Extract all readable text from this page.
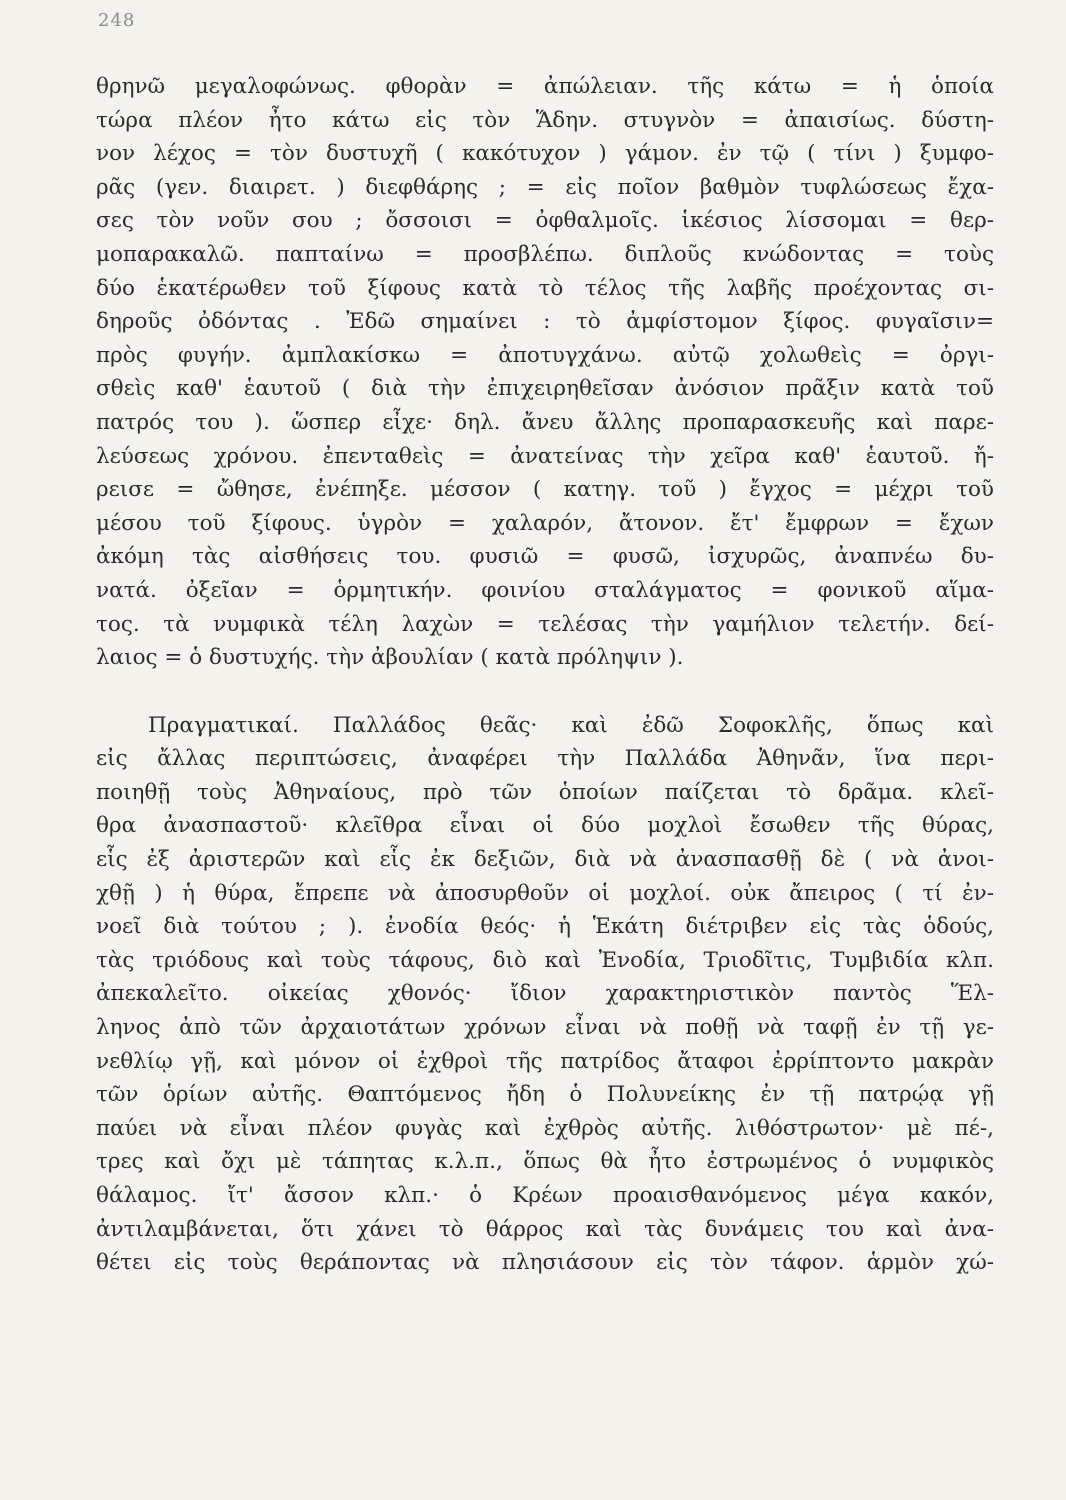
248
θρηνῶ μεγαλοφώνως. φθορὰν = ἀπώλειαν. τῆς κάτω = ἡ ὁποία
τώρα πλέον ἦτο κάτω εἰς τὸν Ἅδην. στυγνὸν = ἀπαισίως. δύστη-
νον λέχος = τὸν δυστυχῆ ( κακότυχον ) γάμον. ἐν τῷ ( τίνι ) ξυμφο-
ρᾶς (γεν. διαιρετ. ) διεφθάρης ; = εἰς ποῖον βαθμὸν τυφλώσεως ἔχα-
σες τὸν νοῦν σου ; ὄσσοισι = ὀφθαλμοῖς. ἱκέσιος λίσσομαι = θερ-
μοπαρακαλῶ. παπταίνω = προσβλέπω. διπλοῦς κνώδοντας = τοὺς
δύο ἑκατέρωθεν τοῦ ξίφους κατὰ τὸ τέλος τῆς λαβῆς προέχοντας σι-
δηροῦς ὀδόντας . Ἐδῶ σημαίνει : τὸ ἀμφίστομον ξίφος. φυγαῖσιν=
πρὸς φυγήν. ἀμπλακίσκω = ἀποτυγχάνω. αὐτῷ χολωθεὶς = ὀργι-
σθεὶς καθ' ἑαυτοῦ ( διὰ τὴν ἐπιχειρηθεῖσαν ἀνόσιον πρᾶξιν κατὰ τοῦ
πατρός του ). ὥσπερ εἶχε· δηλ. ἄνευ ἄλλης προπαρασκευῆς καὶ παρε-
λεύσεως χρόνου. ἐπενταθεὶς = ἀνατείνας τὴν χεῖρα καθ' ἑαυτοῦ. ἤ-
ρεισε = ὤθησε, ἐνέπηξε. μέσσον ( κατηγ. τοῦ ) ἔγχος = μέχρι τοῦ
μέσου τοῦ ξίφους. ὑγρὸν = χαλαρόν, ἄτονον. ἔτ' ἔμφρων = ἔχων
ἀκόμη τὰς αἰσθήσεις του. φυσιῶ = φυσῶ, ἰσχυρῶς, ἀναπνέω δυ-
νατά. ὀξεῖαν = ὁρμητικήν. φοινίου σταλάγματος = φονικοῦ αἵμα-
τος. τὰ νυμφικὰ τέλη λαχὼν = τελέσας τὴν γαμήλιον τελετήν. δεί-
λαιος = ὁ δυστυχής. τὴν ἀβουλίαν ( κατὰ πρόληψιν ).
Πραγματικαί. Παλλάδος θεᾶς· καὶ ἐδῶ Σοφοκλῆς, ὅπως καὶ
εἰς ἄλλας περιπτώσεις, ἀναφέρει τὴν Παλλάδα Ἀθηνᾶν, ἵνα περι-
ποιηθῇ τοὺς Ἀθηναίους, πρὸ τῶν ὁποίων παίζεται τὸ δρᾶμα. κλεῖ-
θρα ἀνασπαστοῦ· κλεῖθρα εἶναι οἱ δύο μοχλοὶ ἔσωθεν τῆς θύρας,
εἷς ἐξ ἀριστερῶν καὶ εἷς ἐκ δεξιῶν, διὰ νὰ ἀνασπασθῇ δὲ ( νὰ ἀνοι-
χθῇ ) ἡ θύρα, ἔπρεπε νὰ ἀποσυρθοῦν οἱ μοχλοί. οὐκ ἄπειρος ( τί ἐν-
νοεῖ διὰ τούτου ; ). ἐνοδία θεός· ἡ Ἑκάτη διέτριβεν εἰς τὰς ὁδούς,
τὰς τριόδους καὶ τοὺς τάφους, διὸ καὶ Ἐνοδία, Τριοδῖτις, Τυμβιδία κλπ.
ἀπεκαλεῖτο. οἰκείας χθονός· ἴδιον χαρακτηριστικὸν παντὸς Ἕλ-
ληνος ἀπὸ τῶν ἀρχαιοτάτων χρόνων εἶναι νὰ ποθῇ νὰ ταφῇ ἐν τῇ γε-
νεθλίῳ γῇ, καὶ μόνον οἱ ἐχθροὶ τῆς πατρίδος ἄταφοι ἐρρίπτοντο μακρὰν
τῶν ὁρίων αὐτῆς. Θαπτόμενος ἤδη ὁ Πολυνείκης ἐν τῇ πατρῴᾳ γῇ
παύει νὰ εἶναι πλέον φυγὰς καὶ ἐχθρὸς αὐτῆς. λιθόστρωτον· μὲ πέ-,
τρες καὶ ὄχι μὲ τάπητας κ.λ.π., ὅπως θὰ ἦτο ἐστρωμένος ὁ νυμφικὸς
θάλαμος. ἴτ' ἄσσον κλπ.· ὁ Κρέων προαισθανόμενος μέγα κακόν,
ἀντιλαμβάνεται, ὅτι χάνει τὸ θάρρος καὶ τὰς δυνάμεις του καὶ ἀνα-
θέτει εἰς τοὺς θεράποντας νὰ πλησιάσουν εἰς τὸν τάφον. ἁρμὸν χώ-
